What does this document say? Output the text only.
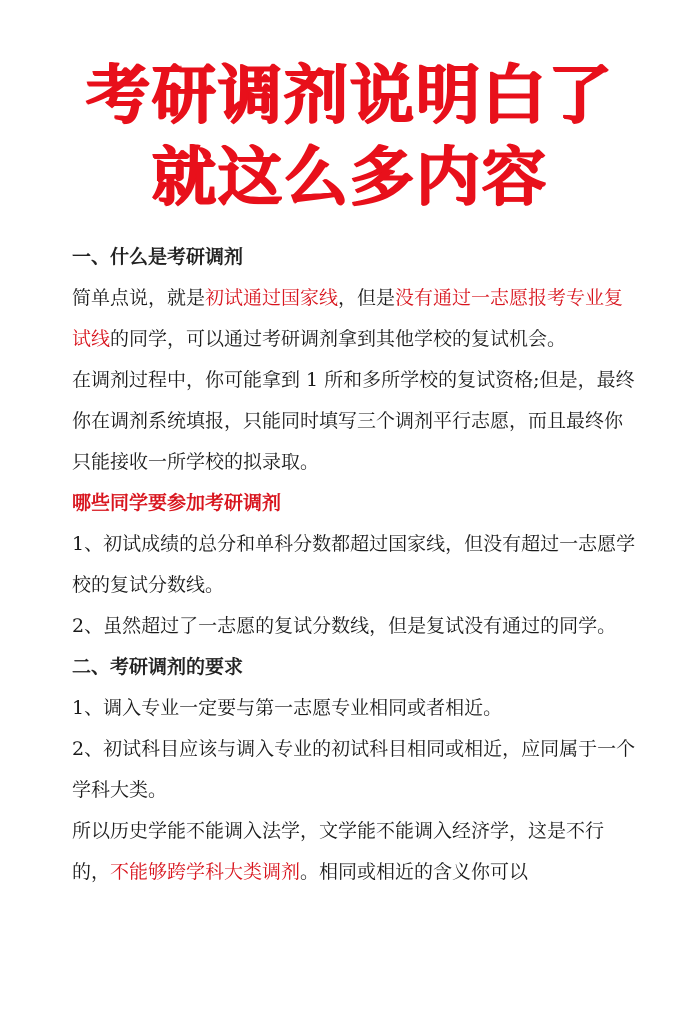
考研调剂说明白了
就这么多内容

一、什么是考研调剂

简单点说，就是初试通过国家线，但是没有通过一志愿报考专业复试线的同学，可以通过考研调剂拿到其他学校的复试机会。

在调剂过程中，你可能拿到 1 所和多所学校的复试资格;但是，最终你在调剂系统填报，只能同时填写三个调剂平行志愿，而且最终你只能接收一所学校的拟录取。

哪些同学要参加考研调剂

1、初试成绩的总分和单科分数都超过国家线，但没有超过一志愿学校的复试分数线。

2、虽然超过了一志愿的复试分数线，但是复试没有通过的同学。

二、考研调剂的要求

1、调入专业一定要与第一志愿专业相同或者相近。

2、初试科目应该与调入专业的初试科目相同或相近，应同属于一个学科大类。

所以历史学能不能调入法学，文学能不能调入经济学，这是不行的，不能够跨学科大类调剂。相同或相近的含义你可以
